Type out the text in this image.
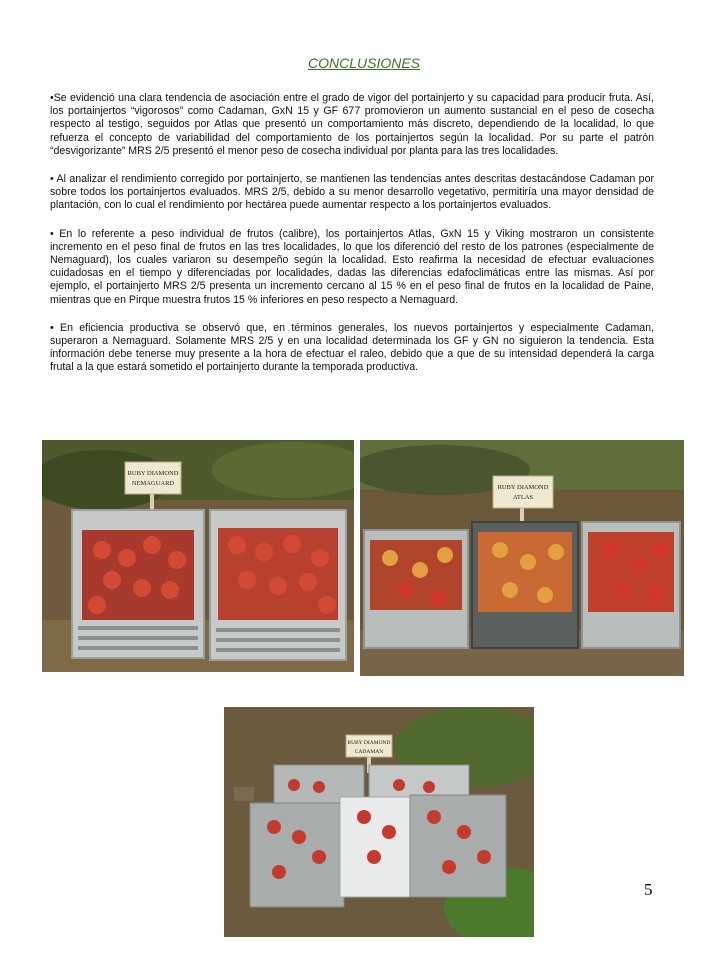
CONCLUSIONES

•Se evidenció una clara tendencia de asociación entre el grado de vigor del portainjerto y su capacidad para producir fruta. Así, los portainjertos “vigorosos” como Cadaman, GxN 15 y GF 677 promovieron un aumento sustancial en el peso de cosecha respecto al testigo, seguidos por Atlas que presentó un comportamiento más discreto, dependiendo de la localidad, lo que refuerza el concepto de variabilidad del comportamiento de los portainjertos según la localidad. Por su parte el patrón “desvigorizante” MRS 2/5 presentó el menor peso de cosecha individual por planta para las tres localidades.

• Al analizar el rendimiento corregido por portainjerto, se mantienen las tendencias antes descritas destacándose Cadaman por sobre todos los portainjertos evaluados. MRS 2/5, debido a su menor desarrollo vegetativo, permitiría una mayor densidad de plantación, con lo cual el rendimiento por hectárea puede aumentar respecto a los portainjertos evaluados.

• En lo referente a peso individual de frutos (calibre), los portainjertos Atlas, GxN 15 y Viking mostraron un consistente incremento en el peso final de frutos en las tres localidades, lo que los diferenció del resto de los patrones (especialmente de Nemaguard), los cuales variaron su desempeño según la localidad. Esto reafirma la necesidad de efectuar evaluaciones cuidadosas en el tiempo y diferenciadas por localidades, dadas las diferencias edafoclimáticas entre las mismas. Así por ejemplo, el portainjerto MRS 2/5 presenta un incremento cercano al 15 % en el peso final de frutos en la localidad de Paine, mientras que en Pirque muestra frutos 15 % inferiores en peso respecto a Nemaguard.

• En eficiencia productiva se observó que, en términos generales, los nuevos portainjertos y especialmente Cadaman, superaron a Nemaguard. Solamente MRS 2/5 y en una localidad determinada los GF y GN no siguieron la tendencia. Esta información debe tenerse muy presente a la hora de efectuar el raleo, debido que a que de su intensidad dependerá la carga frutal a la que estará sometido el portainjerto durante la temporada productiva.

RUBY DIAMOND
NEMAGUARD
RUBY DIAMOND
ATLAS
RUBY DIAMOND
CADAMAN
5
